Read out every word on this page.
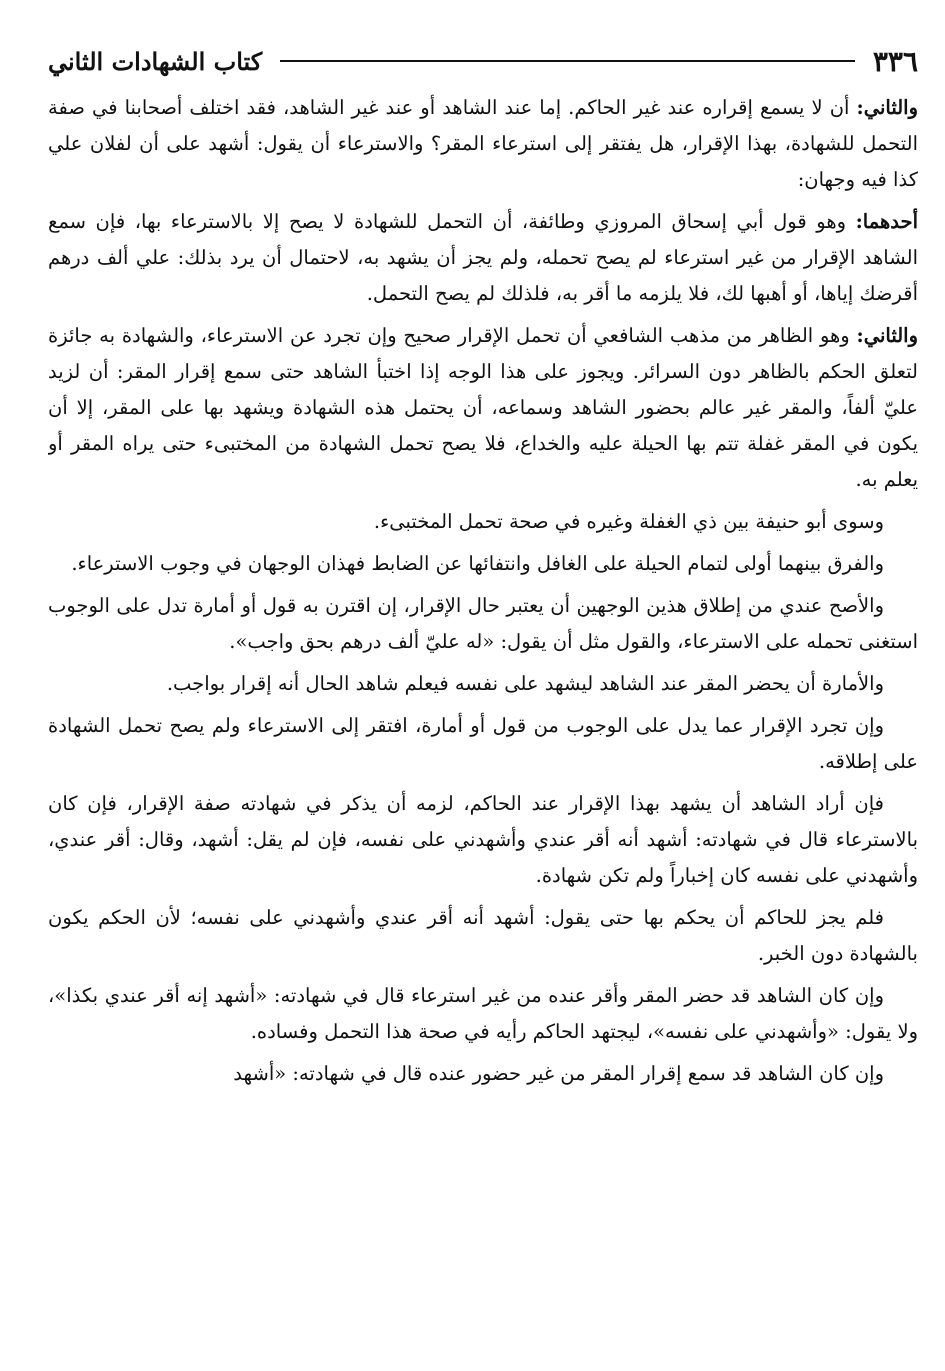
٣٣٦
كتاب الشهادات الثاني

والثاني: أن لا يسمع إقراره عند غير الحاكم. إما عند الشاهد أو عند غير الشاهد، فقد اختلف أصحابنا في صفة التحمل للشهادة، بهذا الإقرار، هل يفتقر إلى استرعاء المقر؟ والاسترعاء أن يقول: أشهد على أن لفلان علي كذا فيه وجهان:

أحدهما: وهو قول أبي إسحاق المروزي وطائفة، أن التحمل للشهادة لا يصح إلا بالاسترعاء بها، فإن سمع الشاهد الإقرار من غير استرعاء لم يصح تحمله، ولم يجز أن يشهد به، لاحتمال أن يرد بذلك: علي ألف درهم أقرضك إياها، أو أهبها لك، فلا يلزمه ما أقر به، فلذلك لم يصح التحمل.

والثاني: وهو الظاهر من مذهب الشافعي أن تحمل الإقرار صحيح وإن تجرد عن الاسترعاء، والشهادة به جائزة لتعلق الحكم بالظاهر دون السرائر. ويجوز على هذا الوجه إذا اختبأ الشاهد حتى سمع إقرار المقر: أن لزيد عليّ ألفاً، والمقر غير عالم بحضور الشاهد وسماعه، أن يحتمل هذه الشهادة ويشهد بها على المقر، إلا أن يكون في المقر غفلة تتم بها الحيلة عليه والخداع، فلا يصح تحمل الشهادة من المختبىء حتى يراه المقر أو يعلم به.

وسوى أبو حنيفة بين ذي الغفلة وغيره في صحة تحمل المختبىء.

والفرق بينهما أولى لتمام الحيلة على الغافل وانتفائها عن الضابط فهذان الوجهان في وجوب الاسترعاء.

والأصح عندي من إطلاق هذين الوجهين أن يعتبر حال الإقرار، إن اقترن به قول أو أمارة تدل على الوجوب استغنى تحمله على الاسترعاء، والقول مثل أن يقول: «له عليّ ألف درهم بحق واجب».

والأمارة أن يحضر المقر عند الشاهد ليشهد على نفسه فيعلم شاهد الحال أنه إقرار بواجب.

وإن تجرد الإقرار عما يدل على الوجوب من قول أو أمارة، افتقر إلى الاسترعاء ولم يصح تحمل الشهادة على إطلاقه.

فإن أراد الشاهد أن يشهد بهذا الإقرار عند الحاكم، لزمه أن يذكر في شهادته صفة الإقرار، فإن كان بالاسترعاء قال في شهادته: أشهد أنه أقر عندي وأشهدني على نفسه، فإن لم يقل: أشهد، وقال: أقر عندي، وأشهدني على نفسه كان إخباراً ولم تكن شهادة.

فلم يجز للحاكم أن يحكم بها حتى يقول: أشهد أنه أقر عندي وأشهدني على نفسه؛ لأن الحكم يكون بالشهادة دون الخبر.

وإن كان الشاهد قد حضر المقر وأقر عنده من غير استرعاء قال في شهادته: «أشهد إنه أقر عندي بكذا»، ولا يقول: «وأشهدني على نفسه»، ليجتهد الحاكم رأيه في صحة هذا التحمل وفساده.

وإن كان الشاهد قد سمع إقرار المقر من غير حضور عنده قال في شهادته: «أشهد
